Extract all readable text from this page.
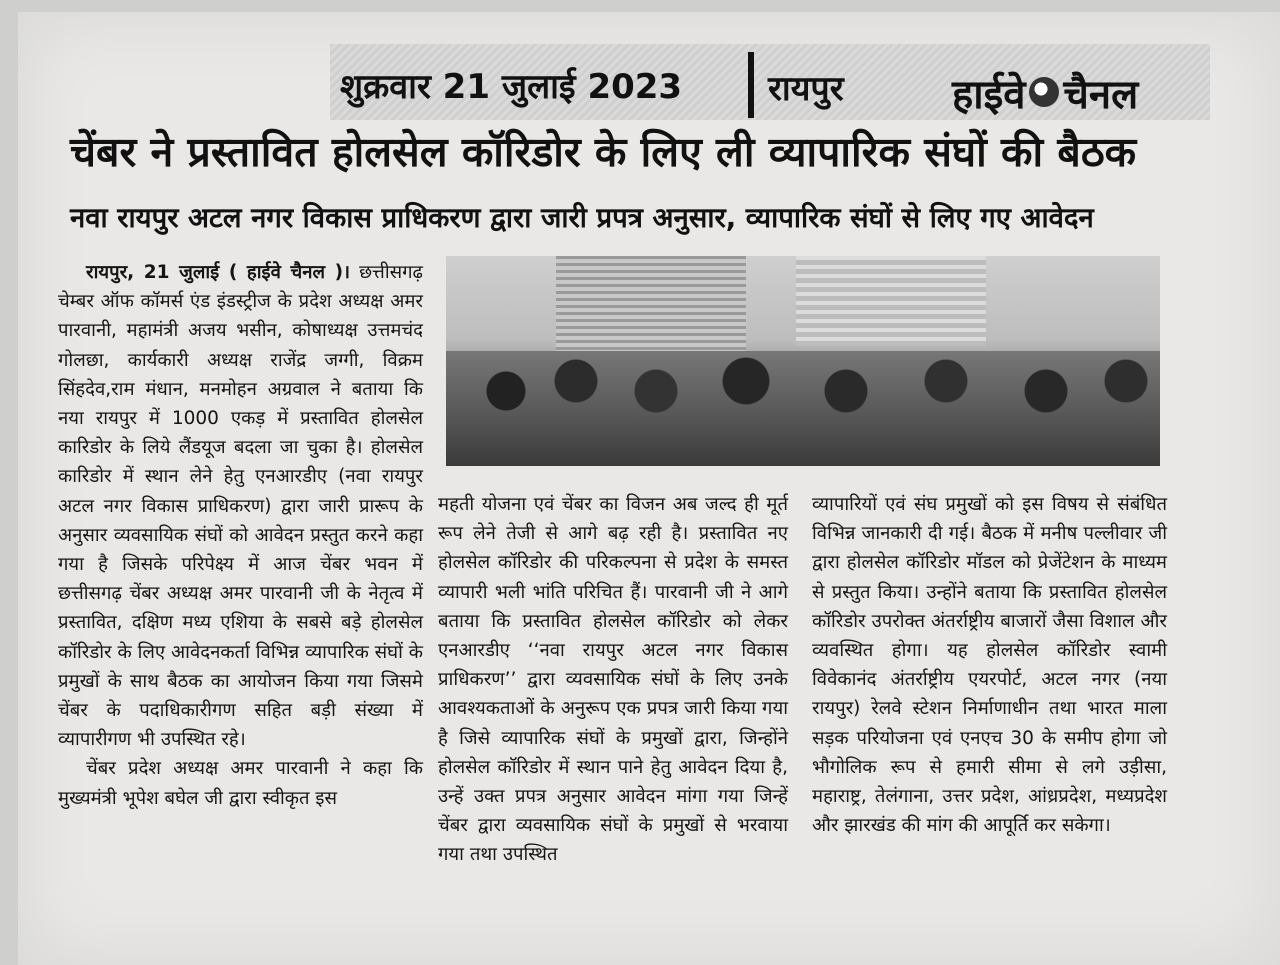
शुक्रवार 21 जुलाई 2023	रायपुर	हाईवे चैनल
चेंबर ने प्रस्तावित होलसेल कॉरिडोर के लिए ली व्यापारिक संघों की बैठक
नवा रायपुर अटल नगर विकास प्राधिकरण द्वारा जारी प्रपत्र अनुसार, व्यापारिक संघों से लिए गए आवेदन

रायपुर, 21 जुलाई ( हाईवे चैनल )। छत्तीसगढ़ चेम्बर ऑफ कॉमर्स एंड इंडस्ट्रीज के प्रदेश अध्यक्ष अमर पारवानी, महामंत्री अजय भसीन, कोषाध्यक्ष उत्तमचंद गोलछा, कार्यकारी अध्यक्ष राजेंद्र जग्गी, विक्रम सिंहदेव,राम मंधान, मनमोहन अग्रवाल ने बताया कि नया रायपुर में 1000 एकड़ में प्रस्तावित होलसेल कारिडोर के लिये लैंडयूज बदला जा चुका है। होलसेल कारिडोर में स्थान लेने हेतु एनआरडीए (नवा रायपुर अटल नगर विकास प्राधिकरण) द्वारा जारी प्रारूप के अनुसार व्यवसायिक संघों को आवेदन प्रस्तुत करने कहा गया है जिसके परिपेक्ष्य में आज चेंबर भवन में छत्तीसगढ़ चेंबर अध्यक्ष अमर पारवानी जी के नेतृत्व में प्रस्तावित, दक्षिण मध्य एशिया के सबसे बड़े होलसेल कॉरिडोर के लिए आवेदनकर्ता विभिन्न व्यापारिक संघों के प्रमुखों के साथ बैठक का आयोजन किया गया जिसमे चेंबर के पदाधिकारीगण सहित बड़ी संख्या में व्यापारीगण भी उपस्थित रहे।

चेंबर प्रदेश अध्यक्ष अमर पारवानी ने कहा कि मुख्यमंत्री भूपेश बघेल जी द्वारा स्वीकृत इस

महती योजना एवं चेंबर का विजन अब जल्द ही मूर्त रूप लेने तेजी से आगे बढ़ रही है। प्रस्तावित नए होलसेल कॉरिडोर की परिकल्पना से प्रदेश के समस्त व्यापारी भली भांति परिचित हैं। पारवानी जी ने आगे बताया कि प्रस्तावित होलसेल कॉरिडोर को लेकर एनआरडीए ‘‘नवा रायपुर अटल नगर विकास प्राधिकरण’’ द्वारा व्यवसायिक संघों के लिए उनके आवश्यकताओं के अनुरूप एक प्रपत्र जारी किया गया है जिसे व्यापारिक संघों के प्रमुखों द्वारा, जिन्होंने होलसेल कॉरिडोर में स्थान पाने हेतु आवेदन दिया है, उन्हें उक्त प्रपत्र अनुसार आवेदन मांगा गया जिन्हें चेंबर द्वारा व्यवसायिक संघों के प्रमुखों से भरवाया गया तथा उपस्थित

व्यापारियों एवं संघ प्रमुखों को इस विषय से संबंधित विभिन्न जानकारी दी गई। बैठक में मनीष पल्लीवार जी द्वारा होलसेल कॉरिडोर मॉडल को प्रेजेंटेशन के माध्यम से प्रस्तुत किया। उन्होंने बताया कि प्रस्तावित होलसेल कॉरिडोर उपरोक्त अंतर्राष्ट्रीय बाजारों जैसा विशाल और व्यवस्थित होगा। यह होलसेल कॉरिडोर स्वामी विवेकानंद अंतर्राष्ट्रीय एयरपोर्ट, अटल नगर (नया रायपुर) रेलवे स्टेशन निर्माणाधीन तथा भारत माला सड़क परियोजना एवं एनएच 30 के समीप होगा जो भौगोलिक रूप से हमारी सीमा से लगे उड़ीसा, महाराष्ट्र, तेलंगाना, उत्तर प्रदेश, आंध्रप्रदेश, मध्यप्रदेश और झारखंड की मांग की आपूर्ति कर सकेगा।
